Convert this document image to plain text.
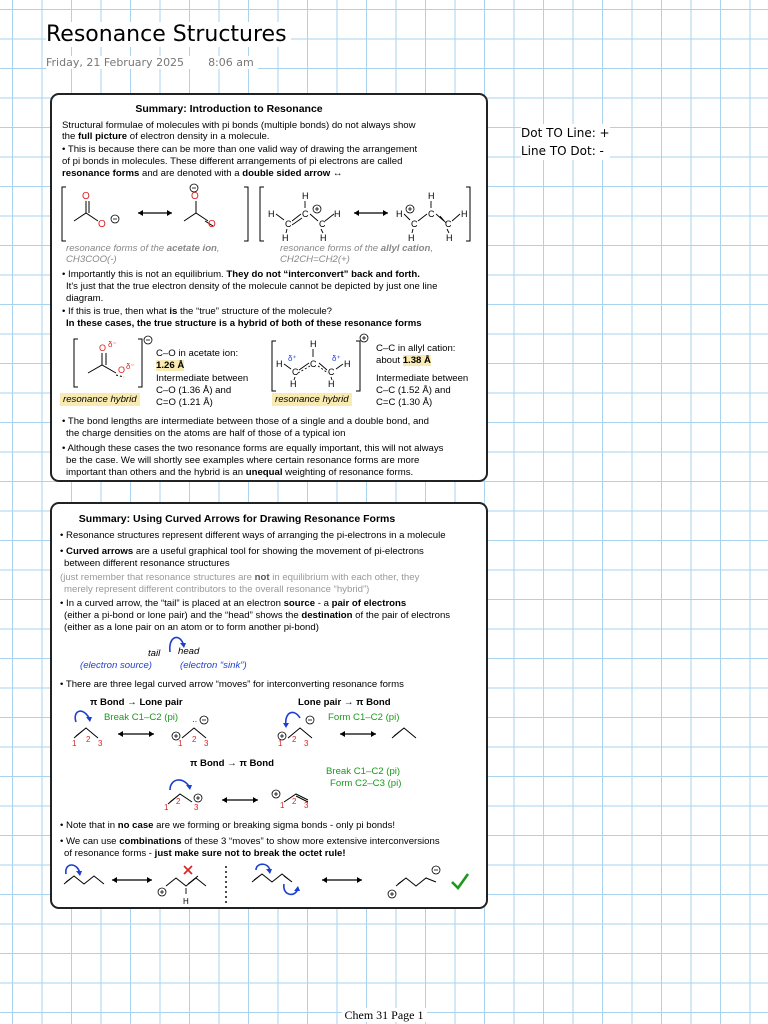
Resonance Structures
Friday, 21 February 2025 8:06 am
Dot TO Line: +
Line TO Dot: -
Summary: Introduction to Resonance
Structural formulae of molecules with pi bonds (multiple bonds) do not always show
the full picture of electron density in a molecule.
• This is because there can be more than one valid way of drawing the arrangement
of pi bonds in molecules. These different arrangements of pi electrons are called
resonance forms and are denoted with a double sided arrow ↔
O
O
O
O
resonance forms of the acetate ion,
CH3COO(-)
H
C
C
C
H
H
H	H
H
C
C
C
H
H
H	H
resonance forms of the allyl cation,
CH2CH=CH2(+)
• Importantly this is not an equilibrium. They do not “interconvert” back and forth.
It's just that the true electron density of the molecule cannot be depicted by just one line
diagram.
• If this is true, then what is the “true” structure of the molecule?
In these cases, the true structure is a hybrid of both of these resonance forms
O δ⁻
O δ⁻
resonance hybrid
C–O in acetate ion:
1.26 Å
Intermediate between
C–O (1.36 Å) and
C=O (1.21 Å)
H
C
C
C
H
H
H	H
δ⁺	δ⁺
resonance hybrid
C–C in allyl cation:
about 1.38 Å
Intermediate between
C–C (1.52 Å) and
C=C (1.30 Å)
• The bond lengths are intermediate between those of a single and a double bond, and
the charge densities on the atoms are half of those of a typical ion
• Although these cases the two resonance forms are equally important, this will not always
be the case. We will shortly see examples where certain resonance forms are more
important than others and the hybrid is an unequal weighting of resonance forms.
Summary: Using Curved Arrows for Drawing Resonance Forms
• Resonance structures represent different ways of arranging the pi-electrons in a molecule
• Curved arrows are a useful graphical tool for showing the movement of pi-electrons
between different resonance structures
(just remember that resonance structures are not in equilibrium with each other, they
merely represent different contributors to the overall resonance “hybrid”)
• In a curved arrow, the “tail” is placed at an electron source - a pair of electrons
(either a pi-bond or lone pair) and the “head” shows the destination of the pair of electrons
(either as a lone pair on an atom or to form another pi-bond)
tail head
(electron source)	(electron “sink”)
• There are three legal curved arrow “moves” for interconverting resonance forms
π Bond → Lone pair
Break C1–C2 (pi) ··
1 2 3	1 2 3
Lone pair → π Bond
Form C1–C2 (pi)
1 2 3
π Bond → π Bond
Break C1–C2 (pi)
Form C2–C3 (pi)
1
2
3	1 2 3
• Note that in no case are we forming or breaking sigma bonds - only pi bonds!
• We can use combinations of these 3 “moves” to show more extensive interconversions
of resonance forms - just make sure not to break the octet rule!
H
Chem 31 Page 1
